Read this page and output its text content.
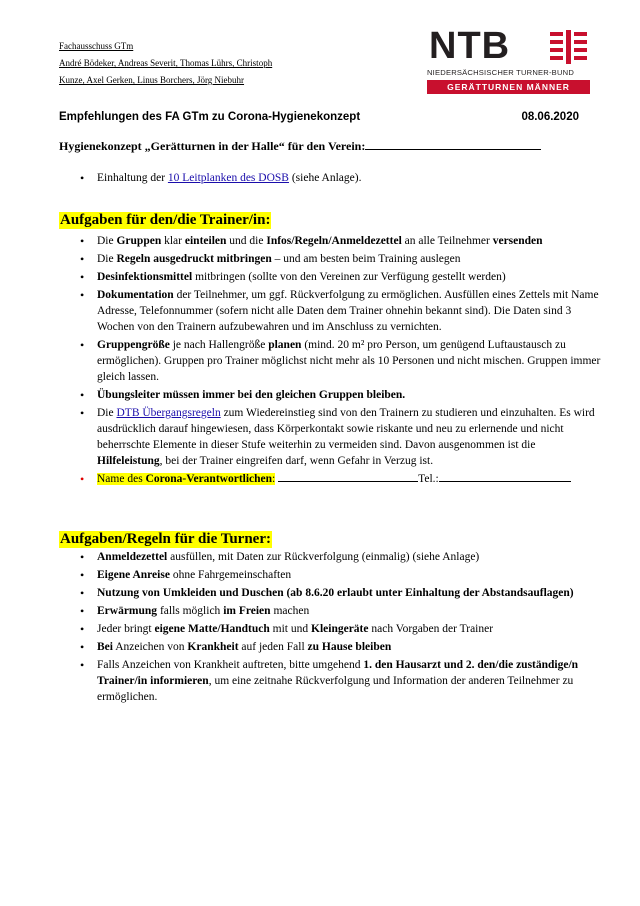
Fachausschuss GTm
André Bödeker, Andreas Severit, Thomas Lührs, Christoph
Kunze, Axel Gerken, Linus Borchers, Jörg Niebuhr
NTB
NIEDERSÄCHSISCHER TURNER-BUND
GERÄTTURNEN MÄNNER
Empfehlungen des FA GTm zu Corona-Hygienekonzept	08.06.2020
Hygienekonzept „Gerätturnen in der Halle“ für den Verein:
• Einhaltung der 10 Leitplanken des DOSB (siehe Anlage).
Aufgaben für den/die Trainer/in:
• Die Gruppen klar einteilen und die Infos/Regeln/Anmeldezettel an alle Teilnehmer versenden
• Die Regeln ausgedruckt mitbringen – und am besten beim Training auslegen
• Desinfektionsmittel mitbringen (sollte von den Vereinen zur Verfügung gestellt werden)
• Dokumentation der Teilnehmer, um ggf. Rückverfolgung zu ermöglichen. Ausfüllen eines Zettels mit Name Adresse, Telefonnummer (sofern nicht alle Daten dem Trainer ohnehin bekannt sind). Die Daten sind 3 Wochen von den Trainern aufzubewahren und im Anschluss zu vernichten.
• Gruppengröße je nach Hallengröße planen (mind. 20 m² pro Person, um genügend Luftaustausch zu ermöglichen). Gruppen pro Trainer möglichst nicht mehr als 10 Personen und nicht mischen. Gruppen immer gleich lassen.
• Übungsleiter müssen immer bei den gleichen Gruppen bleiben.
• Die DTB Übergangsregeln zum Wiedereinstieg sind von den Trainern zu studieren und einzuhalten. Es wird ausdrücklich darauf hingewiesen, dass Körperkontakt sowie riskante und neu zu erlernende und nicht beherrschte Elemente in dieser Stufe weiterhin zu vermeiden sind. Davon ausgenommen ist die Hilfeleistung, bei der Trainer eingreifen darf, wenn Gefahr in Verzug ist.
• Name des Corona-Verantwortlichen:	Tel.:
Aufgaben/Regeln für die Turner:
• Anmeldezettel ausfüllen, mit Daten zur Rückverfolgung (einmalig) (siehe Anlage)
• Eigene Anreise ohne Fahrgemeinschaften
• Nutzung von Umkleiden und Duschen (ab 8.6.20 erlaubt unter Einhaltung der Abstandsauflagen)
• Erwärmung falls möglich im Freien machen
• Jeder bringt eigene Matte/Handtuch mit und Kleingeräte nach Vorgaben der Trainer
• Bei Anzeichen von Krankheit auf jeden Fall zu Hause bleiben
• Falls Anzeichen von Krankheit auftreten, bitte umgehend 1. den Hausarzt und 2. den/die zuständige/n Trainer/in informieren, um eine zeitnahe Rückverfolgung und Information der anderen Teilnehmer zu ermöglichen.
